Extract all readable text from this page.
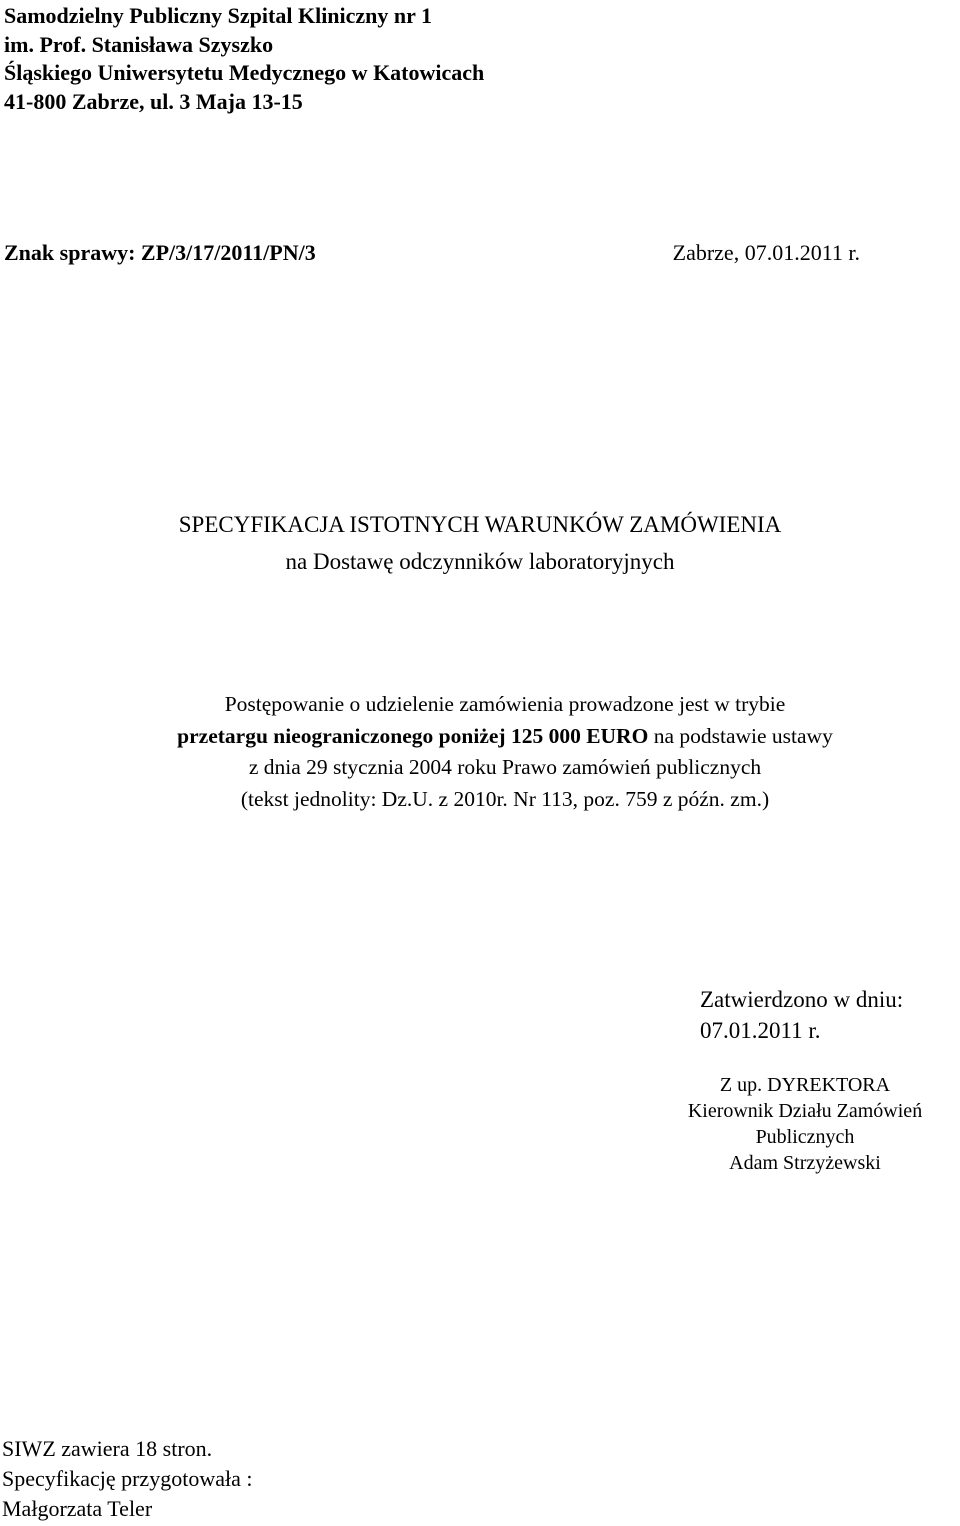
Samodzielny Publiczny Szpital Kliniczny nr 1
im. Prof. Stanisława Szyszko
Śląskiego Uniwersytetu Medycznego w Katowicach
41-800 Zabrze, ul. 3 Maja 13-15
Znak sprawy: ZP/3/17/2011/PN/3	Zabrze, 07.01.2011 r.
SPECYFIKACJA ISTOTNYCH WARUNKÓW ZAMÓWIENIA
na Dostawę odczynników laboratoryjnych
Postępowanie o udzielenie zamówienia prowadzone jest w trybie
przetargu nieograniczonego poniżej 125 000 EURO na podstawie ustawy
z dnia 29 stycznia 2004 roku Prawo zamówień publicznych
(tekst jednolity: Dz.U. z 2010r. Nr 113, poz. 759 z późn. zm.)
Zatwierdzono w dniu:
07.01.2011 r.
Z up. DYREKTORA
Kierownik Działu Zamówień
Publicznych
Adam Strzyżewski
SIWZ zawiera 18 stron.
Specyfikację przygotowała :
Małgorzata Teler
